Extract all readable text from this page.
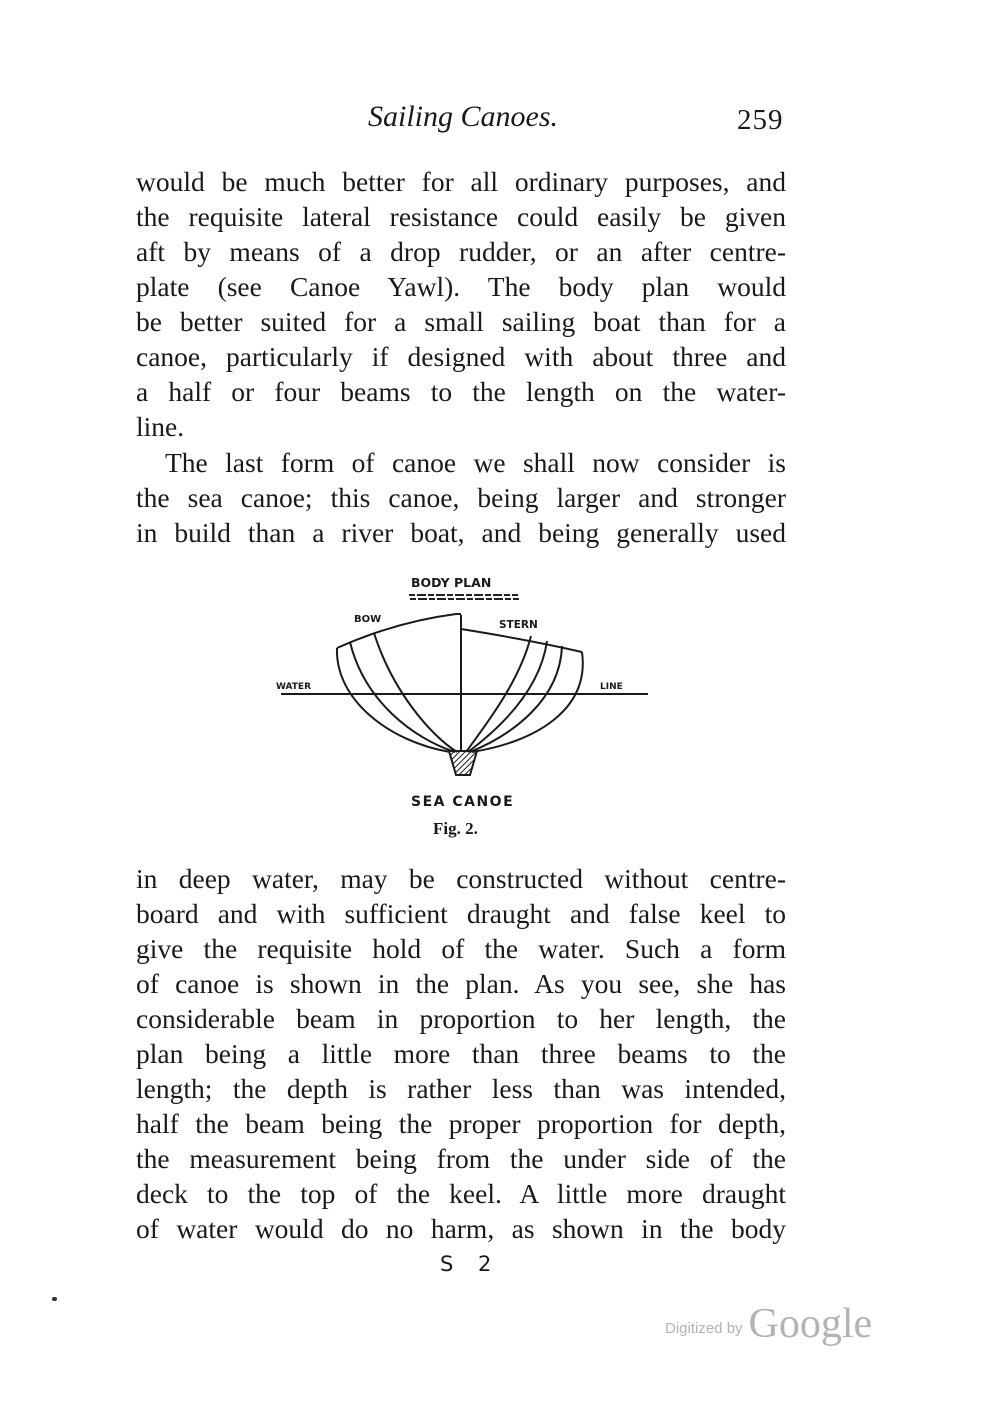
Sailing Canoes.	259
would be much better for all ordinary purposes, and
the requisite lateral resistance could easily be given
aft by means of a drop rudder, or an after centre-
plate (see Canoe Yawl). The body plan would
be better suited for a small sailing boat than for a
canoe, particularly if designed with about three and
a half or four beams to the length on the water-
line.
The last form of canoe we shall now consider is
the sea canoe; this canoe, being larger and stronger
in build than a river boat, and being generally used
BODY PLAN
BOW	STERN
WATER	LINE
SEA CANOE
Fig. 2.
in deep water, may be constructed without centre-
board and with sufficient draught and false keel to
give the requisite hold of the water. Such a form
of canoe is shown in the plan. As you see, she has
considerable beam in proportion to her length, the
plan being a little more than three beams to the
length; the depth is rather less than was intended,
half the beam being the proper proportion for depth,
the measurement being from the under side of the
deck to the top of the keel. A little more draught
of water would do no harm, as shown in the body
S 2
Digitized by Google
